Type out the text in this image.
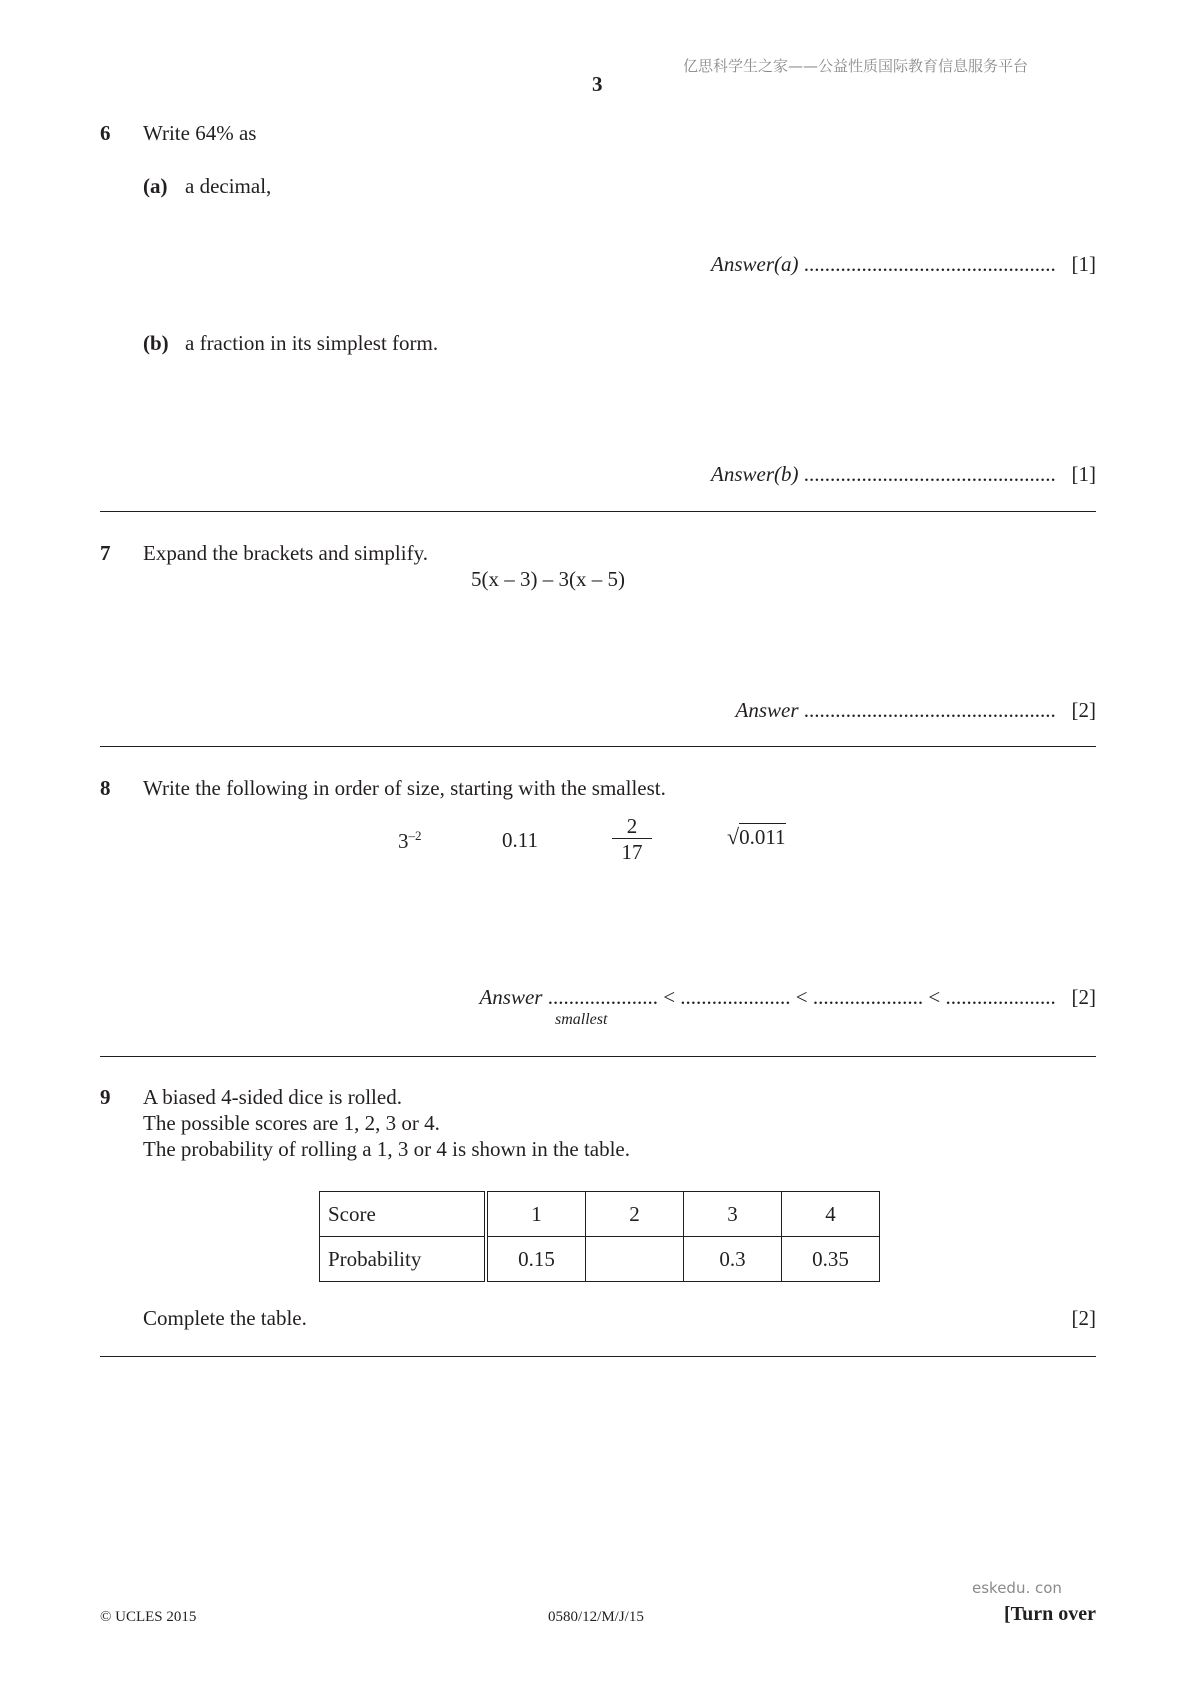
亿思科学生之家——公益性质国际教育信息服务平台
3
6 Write 64% as
(a) a decimal,
Answer(a) ................................................ [1]
(b) a fraction in its simplest form.
Answer(b) ................................................ [1]
7 Expand the brackets and simplify.
5(x – 3) – 3(x – 5)
Answer ................................................ [2]
8 Write the following in order of size, starting with the smallest.
$3^{-2}$	0.11	$\frac{2}{17}$	√0.011
Answer ..................... < ..................... < ..................... < ..................... [2]
smallest
9 A biased 4-sided dice is rolled.
The possible scores are 1, 2, 3 or 4.
The probability of rolling a 1, 3 or 4 is shown in the table.
Score	1	2	3	4
Probability	0.15		0.3	0.35
Complete the table.	[2]
eskedu. con
© UCLES 2015	0580/12/M/J/15	[Turn over
